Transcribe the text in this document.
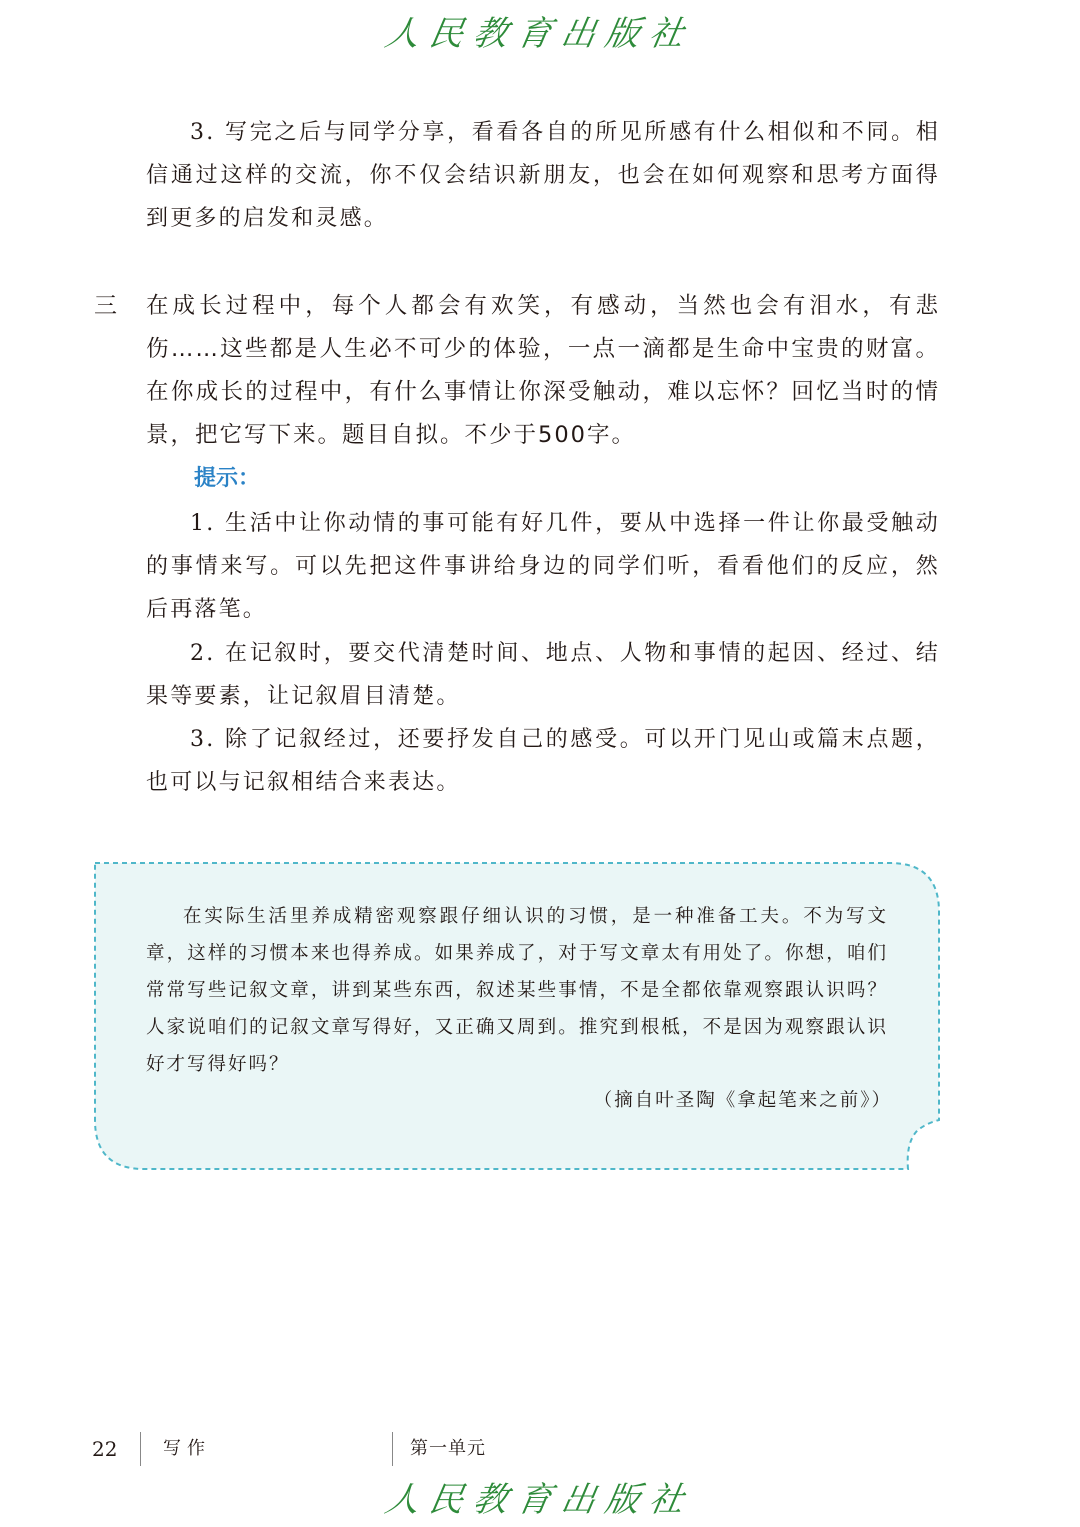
人民教育出版社
3. 写完之后与同学分享，看看各自的所见所感有什么相似和不同。相信通过这样的交流，你不仅会结识新朋友，也会在如何观察和思考方面得到更多的启发和灵感。
三 在成长过程中，每个人都会有欢笑，有感动，当然也会有泪水，有悲伤……这些都是人生必不可少的体验，一点一滴都是生命中宝贵的财富。在你成长的过程中，有什么事情让你深受触动，难以忘怀？回忆当时的情景，把它写下来。题目自拟。不少于500字。
提示：
1. 生活中让你动情的事可能有好几件，要从中选择一件让你最受触动的事情来写。可以先把这件事讲给身边的同学们听，看看他们的反应，然后再落笔。
2. 在记叙时，要交代清楚时间、地点、人物和事情的起因、经过、结果等要素，让记叙眉目清楚。
3. 除了记叙经过，还要抒发自己的感受。可以开门见山或篇末点题，也可以与记叙相结合来表达。
在实际生活里养成精密观察跟仔细认识的习惯，是一种准备工夫。不为写文章，这样的习惯本来也得养成。如果养成了，对于写文章太有用处了。你想，咱们常常写些记叙文章，讲到某些东西，叙述某些事情，不是全都依靠观察跟认识吗？人家说咱们的记叙文章写得好，又正确又周到。推究到根柢，不是因为观察跟认识好才写得好吗？
（摘自叶圣陶《拿起笔来之前》）
22	写作	第一单元
人民教育出版社
